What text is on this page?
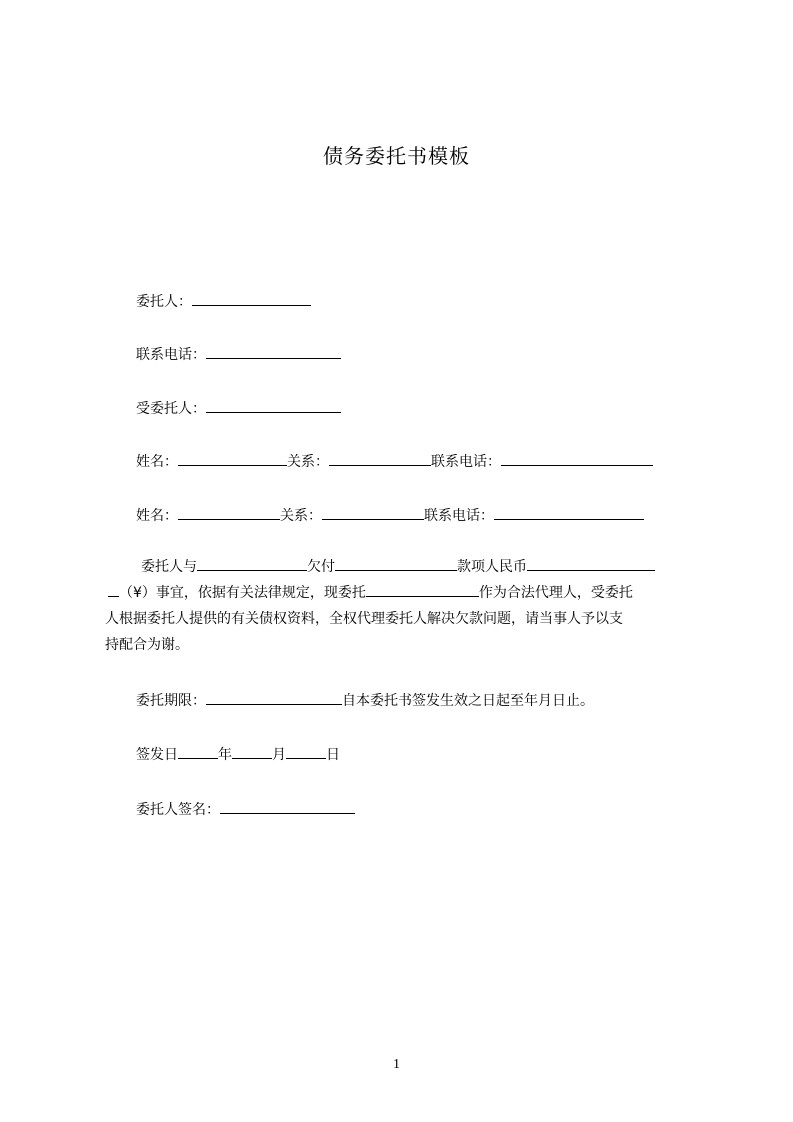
债务委托书模板
委托人：
联系电话：
受委托人：
姓名：	关系：	联系电话：
姓名：	关系：	联系电话：
委托人与	欠付	款项人民币
（¥）事宜，依据有关法律规定，现委托	作为合法代理人，受委托
人根据委托人提供的有关债权资料，全权代理委托人解决欠款问题，请当事人予以支
持配合为谢。
委托期限：	自本委托书签发生效之日起至年月日止。
签发日	年	月	日
委托人签名：
1
